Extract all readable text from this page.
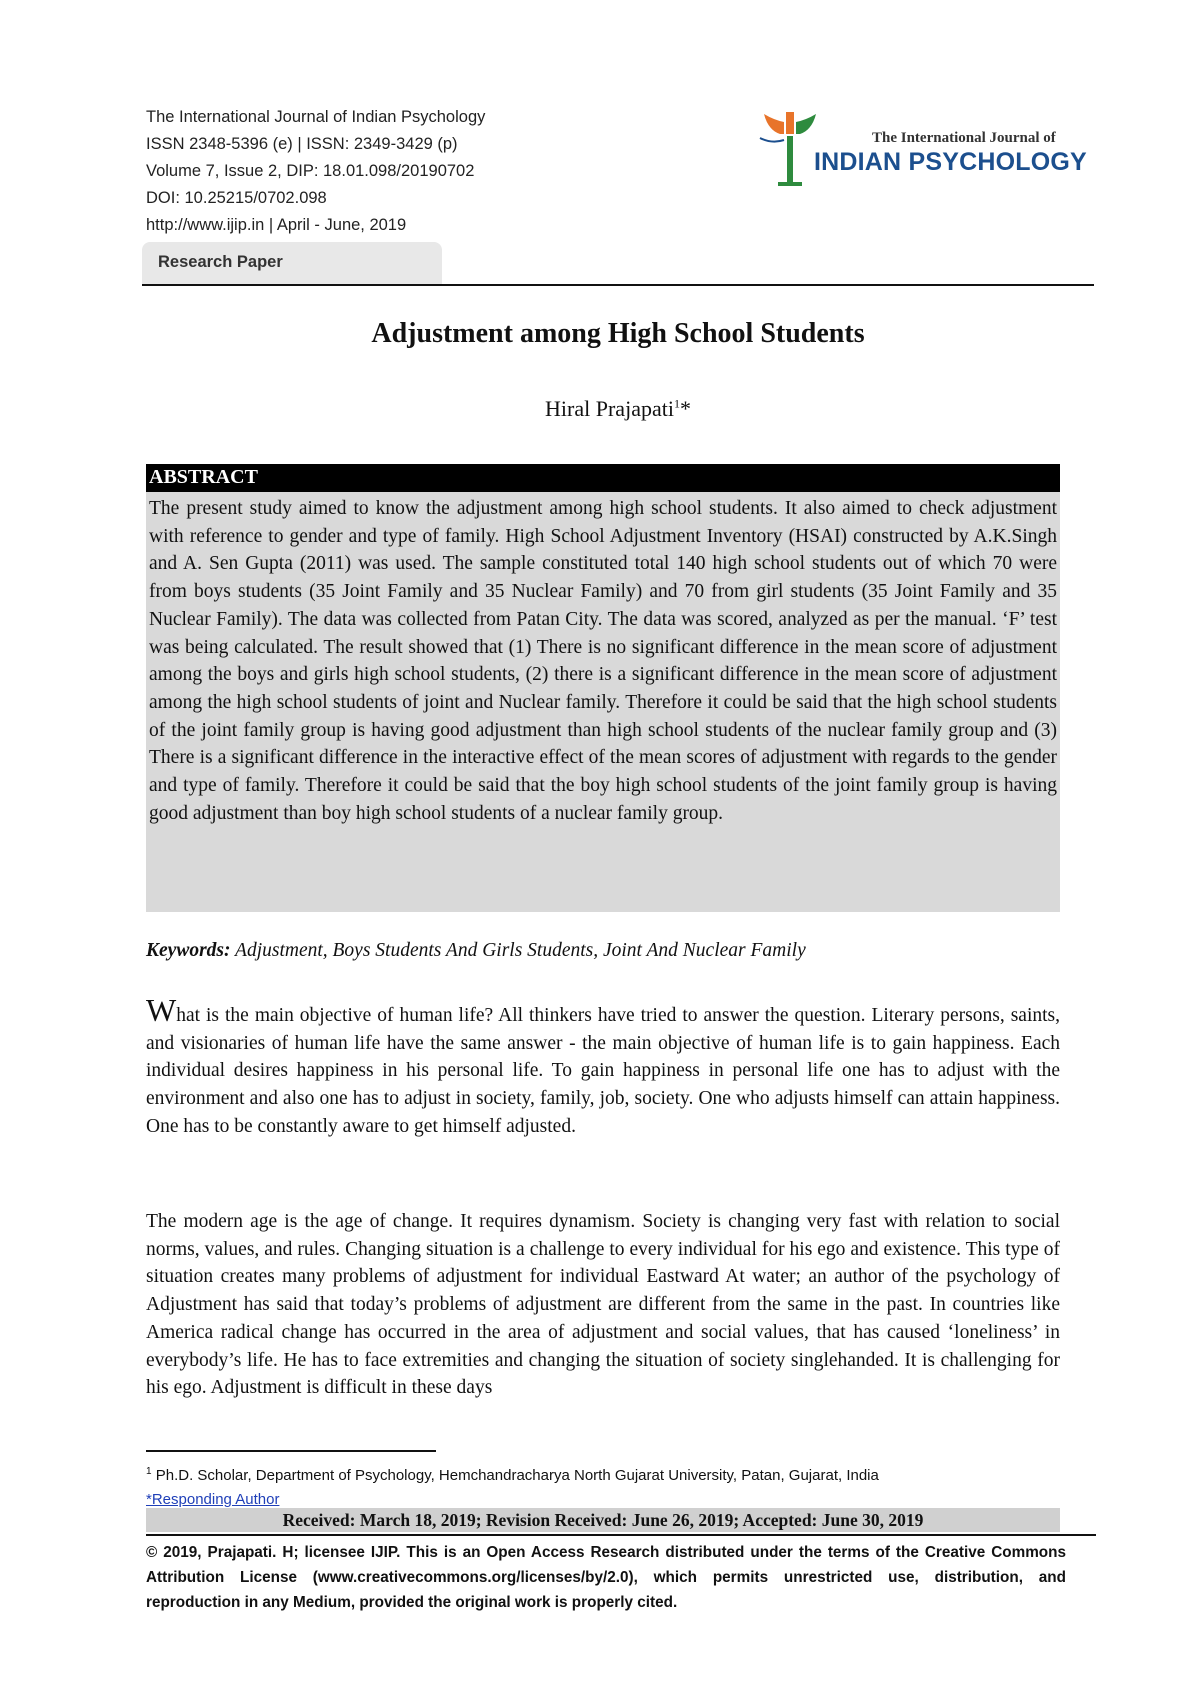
The International Journal of Indian Psychology
ISSN 2348-5396 (e) | ISSN: 2349-3429 (p)
Volume 7, Issue 2, DIP: 18.01.098/20190702
DOI: 10.25215/0702.098
http://www.ijip.in | April - June, 2019
The International Journal of
INDIAN PSYCHOLOGY
Research Paper
Adjustment among High School Students
Hiral Prajapati$^1$*
ABSTRACT
The present study aimed to know the adjustment among high school students. It also aimed to check adjustment with reference to gender and type of family. High School Adjustment Inventory (HSAI) constructed by A.K.Singh and A. Sen Gupta (2011) was used. The sample constituted total 140 high school students out of which 70 were from boys students (35 Joint Family and 35 Nuclear Family) and 70 from girl students (35 Joint Family and 35 Nuclear Family). The data was collected from Patan City. The data was scored, analyzed as per the manual. ‘F’ test was being calculated. The result showed that (1) There is no significant difference in the mean score of adjustment among the boys and girls high school students, (2) there is a significant difference in the mean score of adjustment among the high school students of joint and Nuclear family. Therefore it could be said that the high school students of the joint family group is having good adjustment than high school students of the nuclear family group and (3) There is a significant difference in the interactive effect of the mean scores of adjustment with regards to the gender and type of family. Therefore it could be said that the boy high school students of the joint family group is having good adjustment than boy high school students of a nuclear family group.
Keywords: Adjustment, Boys Students And Girls Students, Joint And Nuclear Family
What is the main objective of human life? All thinkers have tried to answer the question. Literary persons, saints, and visionaries of human life have the same answer - the main objective of human life is to gain happiness. Each individual desires happiness in his personal life. To gain happiness in personal life one has to adjust with the environment and also one has to adjust in society, family, job, society. One who adjusts himself can attain happiness. One has to be constantly aware to get himself adjusted.
The modern age is the age of change. It requires dynamism. Society is changing very fast with relation to social norms, values, and rules. Changing situation is a challenge to every individual for his ego and existence. This type of situation creates many problems of adjustment for individual Eastward At water; an author of the psychology of Adjustment has said that today’s problems of adjustment are different from the same in the past. In countries like America radical change has occurred in the area of adjustment and social values, that has caused ‘loneliness’ in everybody’s life. He has to face extremities and changing the situation of society singlehanded. It is challenging for his ego. Adjustment is difficult in these days
$^1$ Ph.D. Scholar, Department of Psychology, Hemchandracharya North Gujarat University, Patan, Gujarat, India
*Responding Author
Received: March 18, 2019; Revision Received: June 26, 2019; Accepted: June 30, 2019
© 2019, Prajapati. H; licensee IJIP. This is an Open Access Research distributed under the terms of the Creative Commons Attribution License (www.creativecommons.org/licenses/by/2.0), which permits unrestricted use, distribution, and reproduction in any Medium, provided the original work is properly cited.
